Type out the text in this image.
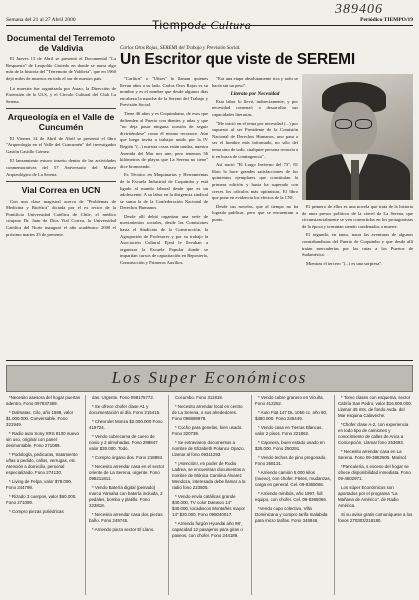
389406
Semana del 21 al 27 Abril 2000	Periódico TIEMPO/19
Tiempode Cultura
Documental del Terremoto de Valdivia

El Jueves 13 de Abril se presentó el Documental "La Respuesta" de Leopoldo Castedo en donde se narra algo más de la historia del "Terremoto de Valdivia", que en 1960 dejó miles de muertos en todo el sur de nuestro país.

La muestra fue organizada por Asiao, la Dirección de Extensión de la ULS, y el Círculo Cultural del Club La Serena.

Arqueología en el Valle de Cuncumén

El Viernes 14 de Abril de Abril se presentó el libro "Arqueología en el Valle del Cuncumén" del investigador Gastón Castillo Gómez.

El lanzamiento estuvo inserto dentro de las actividades conmemorativas del 57 Aniversario del Museo Arqueológico de La Serena.

Vial Correa en UCN

Con una clase magistral acerca de "Problemas de Medicina y Bioética" dictada por el ex rector de la Pontificia Universidad Católica de Chile, el médico cirujano Dr. Juan de Dios Vial Correa, la Universidad Católica del Norte inauguró el año académico 2000 el próximo martes 25 de presente.

Carlos Oros Rojas, SEREMI del Trabajo y Previsión Social.
Un Escritor que viste de SEREMI

"Carlitos" o "Ulises" lo llaman quienes llevan años a su lado. Carlos Oros Rojas es su nombre y es el nombre que desde algunos días encabeza la marcha de la Seremi del Trabajo y Previsión Social.

Tiene 46 años y es Coquimbano, de esos que defienden al Puerto con dientes y uñas y que "no deja pasar ninguna ocasión de seguir divirtiéndose" como él mismo reconoce. Aún que luego invita a trabajar unido por la IV Región "(...) nuestra cosas están unidas, nuestra Avenida del Mar nos une, pero tenemos 56 kilómetros de playas que La Serena no tiene" dice bromeando.

Es Técnico en Maquinarias y Herramientas de la Escuela Industrial de Coquimbo y está ligado al mundo laboral desde que es un adolescente. A su labor en la dirigencia sindical se suma la de la Confederación Nacional de Derechos Humanos.

Desde allí debió organizar una serie de movimientos sociales, desde las Comisiones hasta el Sindicato de la Construcción, la Agrupación de Profesores y por su trabajo la Asociación Cultural Ejeal le llevaban a organizar la Escuela Popular donde se impartían cursos de capacitación en Repostería, Construcción y Primeros Auxilios.

"Era una etapa absolutamente rica y todo se hacía sin un peso".

Literato por Necesidad

Esta labor lo llevó, indirectamente, y por necesidad comenzó a desarrollar sus capacidades literarias.

"Me inició en el tema por necesidad (...) por supuesto al ser Presidente de la Comisión Nacional de Derechos Humanos, uno pasa a ser el hombre más informado, no sólo del tema sino de todo, cualquier persona recurría a ti en busca de contingencia".

Así nació "El Largo Invierno del 73", 81 libro lo hace grandes satisfacciones de los quinientos ejemplares que constituían la primera edición y hasta ha superado con creces los cálculos más optimistas. El libro que pone en evidencia los efectos de la CNI.

Desde sus novelas, que al tiempo no ha logrado publicar, pero que se encuentran a punto.

El primero de ellos es una novela que trata de la historia de unos presos políticos de la cárcel de La Serena, que circunstancialmente se ven convertidos en los protagonistas de la época y terminan siendo condenados a muerte.

El segundo, en tanto, narra las aventuras de algunos contrabandistas del Puerto de Coquimbo y que desde allí traían mercaderías por las rutas a los Puertos de Sudamérica.

Mientras el tercero "(...) es una sorpresa".

Los Super Económicos
*Necesito asesora del hogar puertas adentro. Fono 097837389.
* Dalmatas. Cilo, año 1988, valor $1.000.000. Conversable. Fono 321949.
* Radio auto Sony XRS 8100 nuevo sin uso, original con panel desmontable. Fono 271089.
* Podología, pedicuras, tratamiento uñas a pedido, callos, verrugas, etc. Atención a domicilio, personal especializado. Fono 274130.
* Living de Felpa, valor $78.000. Fono 244799.
* Rizado 3 cuerpos, valor $60.000. Fono 271089.
* Compro piezas poliédricas
das. Urgente. Fono 098175772.
* Se ofrece chofer clase A1 y documentación al día. Fono 215415.
* Chevrolet Monza $2.000.000 Fono 419724.
* Vendo cubrecama de cuero de novio y 2 almohadas. Fono 298847 valor $30.000. Todo.
* Compro órgano dos. Fono 218894.
* Necesito arrendar casa en el sector oriente de La Serena, urgente. Fono 098211811.
* Vendo Batería digital (peinado) marca Yamaha con batería incluida, 2 pedales, bombo y platillo. Fono 223818.
* Necesito arrendar casa dos piezas baño. Fono 249745.
* Arriendo pieza sector El Llano.
Cocumbo. Fono 311818.
* Necesito arrendar local en centro de La Serena, o sus alrededores. Fono 098889978.
* Cocho para genelas, bien usado. Fono 320739.
* Se extraviaron documentos a nombre de Elizabeth Polanco Opazo. Llamar al fono 09311293.
* ¡Atención!, en poder de Rodio Ladrea, se encuentran documentos a nombre de Mónica Carolina Álvarez Mendoza, interesada debe llamar a la radio fono 223505.
* Vendo envía catálicas grande $40.000, TV color Daewoo 14" $40.000, tocadiscos Montañés mayor 14" $20.000. Fono 098040017.
* Arriendo furgón Hyundai año 98', capacidad 12 pasajeros para giras o paseos, con chofer. Fono 244189.
* Vendo cubre granero en Vicuña. Fono 412252.
* Auto Fiat 147 DL 1050 cc. año 80, $480.000. Fono 245449.
* Vendo casa en Tierras Blancas, valor 2 pisos. Fono 221862.
* Cajonera, buen estado usado en $25.000. Fono 250291.
* Vendo techos de pino pregonado. Fono 268131.
* Arriendo camión 5.000 kilos (nuevo), con chofer. Fletes, mudanzas, carga en general. Cel. 09-8365066.
* Arriendo minibús, año 1997, full equipo, con chofer. Cel. 09-8365066.
*Vendo cupo colectivo, Villa Dominicana y compro tarifa Inalabida para micro tarifas. Fono 346846.
* Tomo clases con esquema, sector Cabría San Pedro, valor $16.000.000. Llamar 45 mts. de fondo Avda. del Mar esquina Calaveche.
*Chofer clase A-2, con experiencia en todo tipo de camiones y conocimiento de calles de Arica a Concepción. Llamar fono 253693.
* Necesito arrendar casa en La Serena. Fono 09-3862605. Marisol.
*Panculería, s exceso del hogar se ofrece disponibilidad inmediata. Fono 09-4602971.
Los súper Económicos son aportados por el programa "La Mañana de Américo", de Radio América.
Si su aviso gratis comuníquese a los fonos 270303/218190.
